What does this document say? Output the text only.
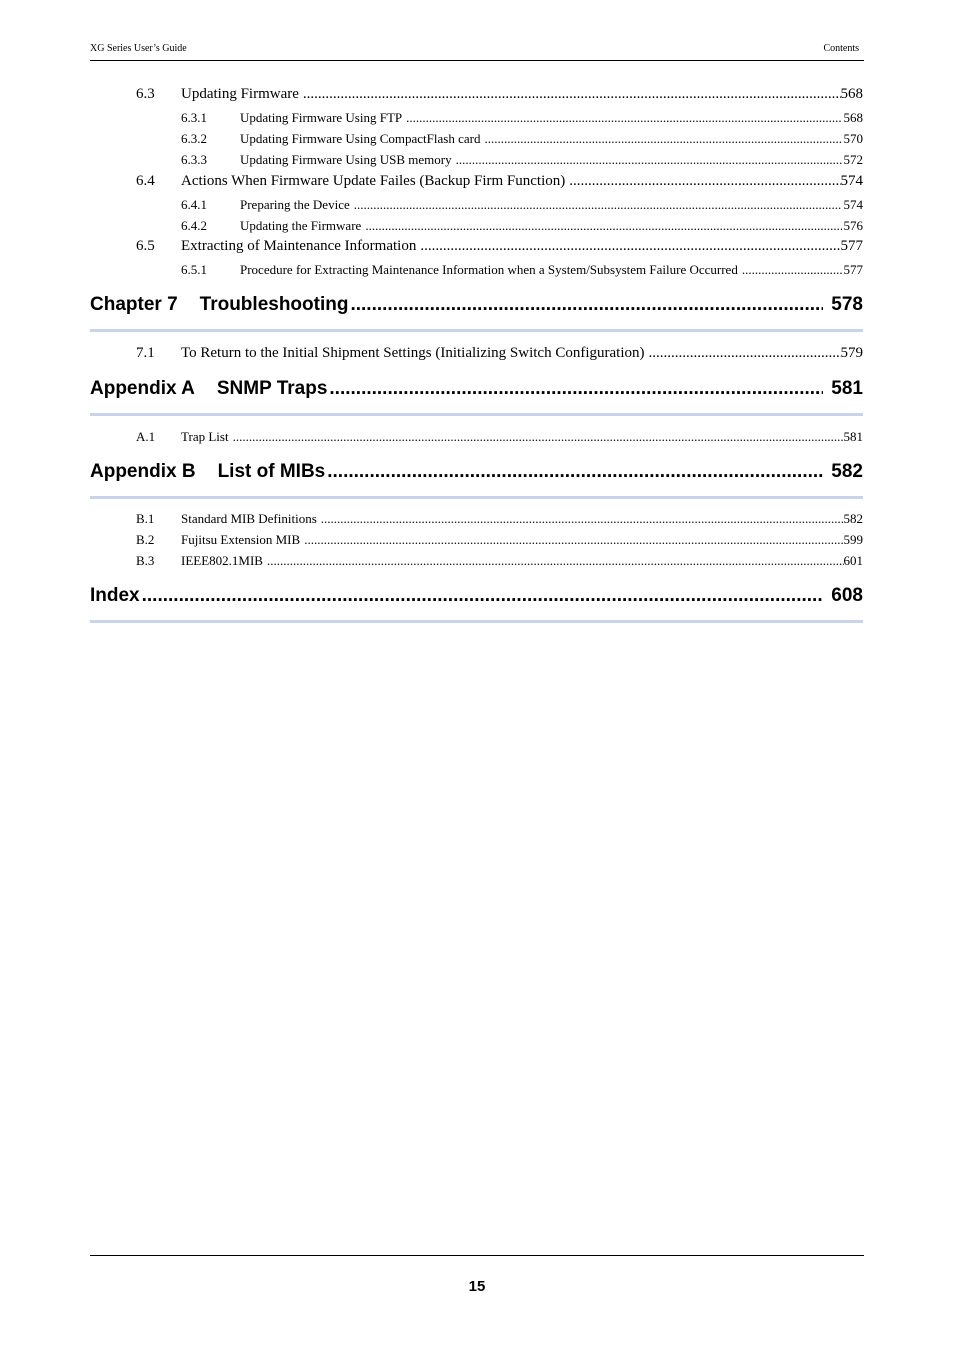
XG Series User’s Guide	Contents
6.3	Updating Firmware .....	568
6.3.1	Updating Firmware Using FTP .....	568
6.3.2	Updating Firmware Using CompactFlash card .....	570
6.3.3	Updating Firmware Using USB memory .....	572
6.4	Actions When Firmware Update Failes (Backup Firm Function) .....	574
6.4.1	Preparing the Device .....	574
6.4.2	Updating the Firmware .....	576
6.5	Extracting of Maintenance Information .....	577
6.5.1	Procedure for Extracting Maintenance Information when a System/Subsystem Failure Occurred .....	577
Chapter 7 Troubleshooting .....	578
7.1	To Return to the Initial Shipment Settings (Initializing Switch Configuration) .....	579
Appendix A SNMP Traps .....	581
A.1	Trap List .....	581
Appendix B List of MIBs .....	582
B.1	Standard MIB Definitions .....	582
B.2	Fujitsu Extension MIB .....	599
B.3	IEEE802.1MIB .....	601
Index .....	608
15
